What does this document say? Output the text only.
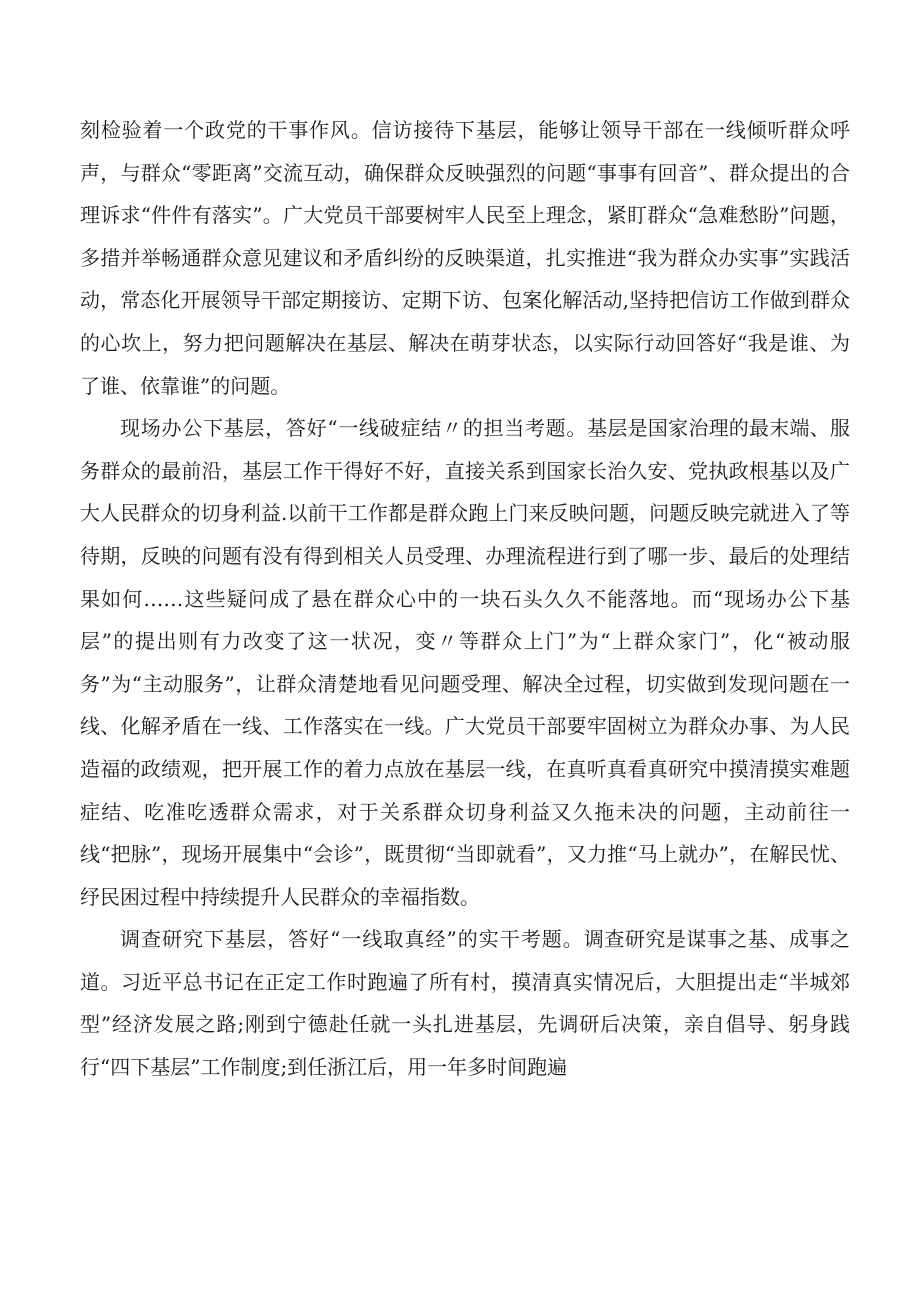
刻检验着一个政党的干事作风。信访接待下基层，能够让领导干部在一线倾听群众呼声，与群众“零距离”交流互动，确保群众反映强烈的问题“事事有回音”、群众提出的合理诉求“件件有落实”。广大党员干部要树牢人民至上理念，紧盯群众“急难愁盼”问题，多措并举畅通群众意见建议和矛盾纠纷的反映渠道，扎实推进“我为群众办实事”实践活动，常态化开展领导干部定期接访、定期下访、包案化解活动,坚持把信访工作做到群众的心坎上，努力把问题解决在基层、解决在萌芽状态，以实际行动回答好“我是谁、为了谁、依靠谁”的问题。

现场办公下基层，答好“一线破症结〃的担当考题。基层是国家治理的最末端、服务群众的最前沿，基层工作干得好不好，直接关系到国家长治久安、党执政根基以及广大人民群众的切身利益.以前干工作都是群众跑上门来反映问题，问题反映完就进入了等待期，反映的问题有没有得到相关人员受理、办理流程进行到了哪一步、最后的处理结果如何……这些疑问成了悬在群众心中的一块石头久久不能落地。而“现场办公下基层”的提出则有力改变了这一状况，变〃等群众上门”为“上群众家门”，化“被动服务”为“主动服务”，让群众清楚地看见问题受理、解决全过程，切实做到发现问题在一线、化解矛盾在一线、工作落实在一线。广大党员干部要牢固树立为群众办事、为人民造福的政绩观，把开展工作的着力点放在基层一线，在真听真看真研究中摸清摸实难题症结、吃准吃透群众需求，对于关系群众切身利益又久拖未决的问题，主动前往一线“把脉”，现场开展集中“会诊”，既贯彻“当即就看”，又力推“马上就办”，在解民忧、纾民困过程中持续提升人民群众的幸福指数。

调查研究下基层，答好“一线取真经”的实干考题。调查研究是谋事之基、成事之道。习近平总书记在正定工作时跑遍了所有村，摸清真实情况后，大胆提出走“半城郊型”经济发展之路;刚到宁德赴任就一头扎进基层，先调研后决策，亲自倡导、躬身践行“四下基层”工作制度;到任浙江后，用一年多时间跑遍
